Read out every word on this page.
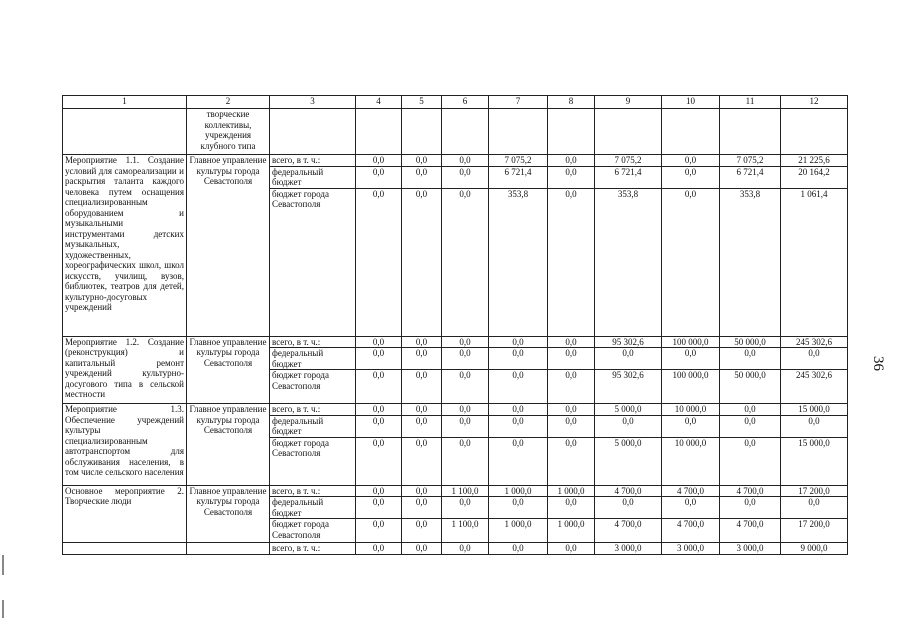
1	2	3	4	5	6	7	8	9	10	11	12
	творческие коллективы, учреждения клубного типа										
Мероприятие 1.1. Создание условий для самореализации и раскрытия таланта каждого человека путем оснащения специализированным оборудованием и музыкальными инструментами детских музыкальных, художественных, хореографических школ, школ искусств, училищ, вузов, библиотек, театров для детей, культурно-досуговых учреждений	Главное управление культуры города Севастополя	всего, в т. ч.:	0,0	0,0	0,0	7 075,2	0,0	7 075,2	0,0	7 075,2	21 225,6
		федеральный бюджет	0,0	0,0	0,0	6 721,4	0,0	6 721,4	0,0	6 721,4	20 164,2
		бюджет города Севастополя	0,0	0,0	0,0	353,8	0,0	353,8	0,0	353,8	1 061,4
Мероприятие 1.2. Создание (реконструкция) и капитальный ремонт учреждений культурно-досугового типа в сельской местности	Главное управление культуры города Севастополя	всего, в т. ч.:	0,0	0,0	0,0	0,0	0,0	95 302,6	100 000,0	50 000,0	245 302,6
		федеральный бюджет	0,0	0,0	0,0	0,0	0,0	0,0	0,0	0,0	0,0
		бюджет города Севастополя	0,0	0,0	0,0	0,0	0,0	95 302,6	100 000,0	50 000,0	245 302,6
Мероприятие 1.3. Обеспечение учреждений культуры специализированным автотранспортом для обслуживания населения, в том числе сельского населения	Главное управление культуры города Севастополя	всего, в т. ч.:	0,0	0,0	0,0	0,0	0,0	5 000,0	10 000,0	0,0	15 000,0
		федеральный бюджет	0,0	0,0	0,0	0,0	0,0	0,0	0,0	0,0	0,0
		бюджет города Севастополя	0,0	0,0	0,0	0,0	0,0	5 000,0	10 000,0	0,0	15 000,0
Основное мероприятие 2. Творческие люди	Главное управление культуры города Севастополя	всего, в т. ч.:	0,0	0,0	1 100,0	1 000,0	1 000,0	4 700,0	4 700,0	4 700,0	17 200,0
		федеральный бюджет	0,0	0,0	0,0	0,0	0,0	0,0	0,0	0,0	0,0
		бюджет города Севастополя	0,0	0,0	1 100,0	1 000,0	1 000,0	4 700,0	4 700,0	4 700,0	17 200,0
		всего, в т. ч.:	0,0	0,0	0,0	0,0	0,0	3 000,0	3 000,0	3 000,0	9 000,0
36
